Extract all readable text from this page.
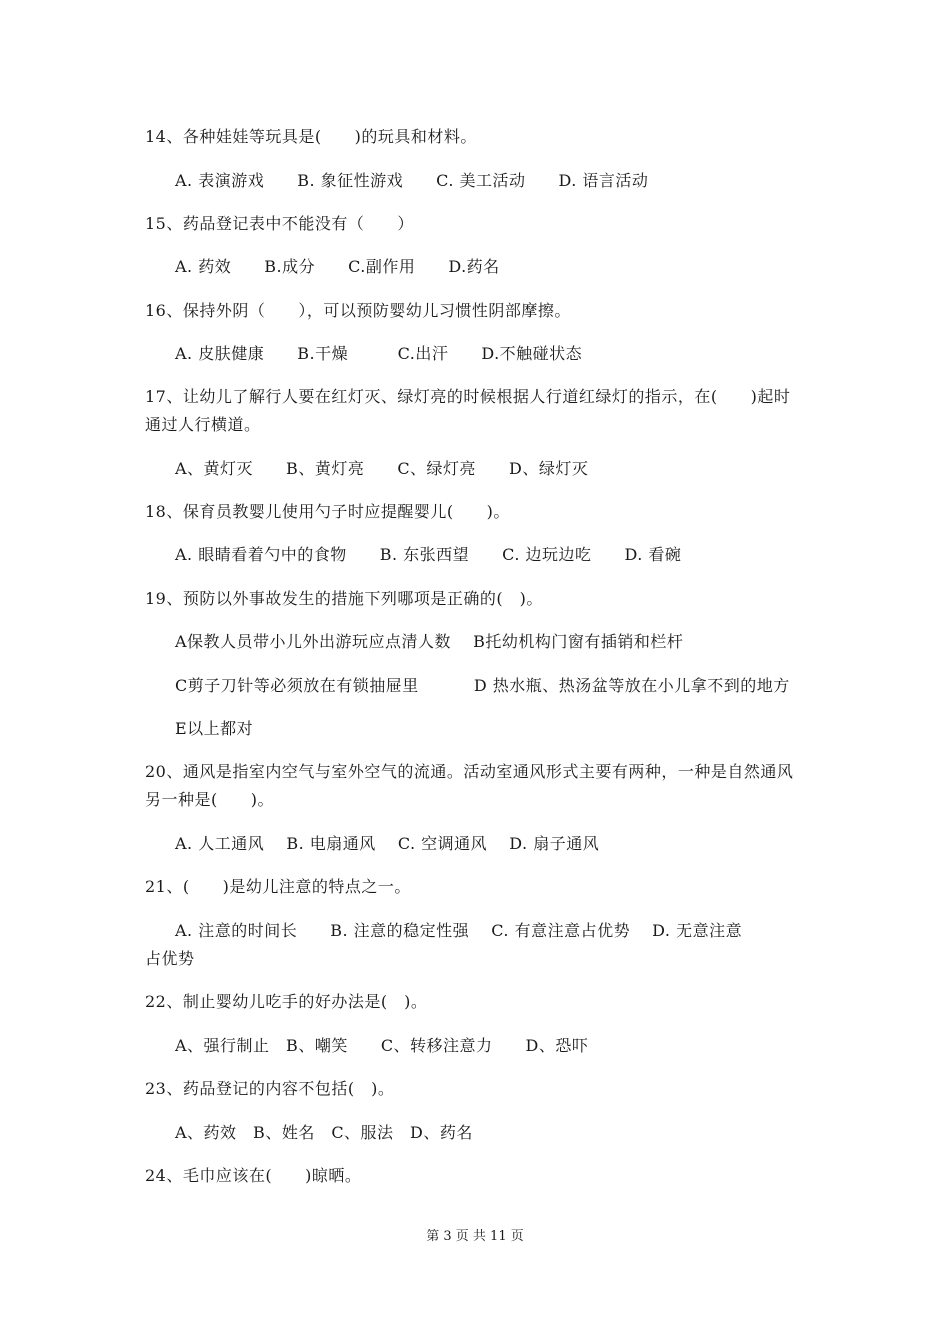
14、各种娃娃等玩具是(　　)的玩具和材料。
A. 表演游戏　　B. 象征性游戏　　C. 美工活动　　D. 语言活动
15、药品登记表中不能没有（　　）
A. 药效　　B.成分　　C.副作用　　D.药名
16、保持外阴（　　），可以预防婴幼儿习惯性阴部摩擦。
A. 皮肤健康　　B.干燥　　　C.出汗　　D.不触碰状态
17、让幼儿了解行人要在红灯灭、绿灯亮的时候根据人行道红绿灯的指示，在(　　)起时
通过人行横道。
A、黄灯灭　　B、黄灯亮　　C、绿灯亮　　D、绿灯灭
18、保育员教婴儿使用勺子时应提醒婴儿(　　)。
A. 眼睛看着勺中的食物　　B. 东张西望　　C. 边玩边吃　　D. 看碗
19、预防以外事故发生的措施下列哪项是正确的(　)。
A保教人员带小儿外出游玩应点清人数　 B托幼机构门窗有插销和栏杆
C剪子刀针等必须放在有锁抽屉里　　　 D 热水瓶、热汤盆等放在小儿拿不到的地方
E以上都对
20、通风是指室内空气与室外空气的流通。活动室通风形式主要有两种，一种是自然通风
另一种是(　　)。
A. 人工通风　 B. 电扇通风　 C. 空调通风　 D. 扇子通风
21、(　　)是幼儿注意的特点之一。
A. 注意的时间长　　B. 注意的稳定性强　 C. 有意注意占优势　 D. 无意注意
占优势
22、制止婴幼儿吃手的好办法是(　)。
A、强行制止　B、嘲笑　　C、转移注意力　　D、恐吓
23、药品登记的内容不包括(　)。
A、药效　B、姓名　C、服法　D、药名
24、毛巾应该在(　　)晾晒。
第 3 页 共 11 页
